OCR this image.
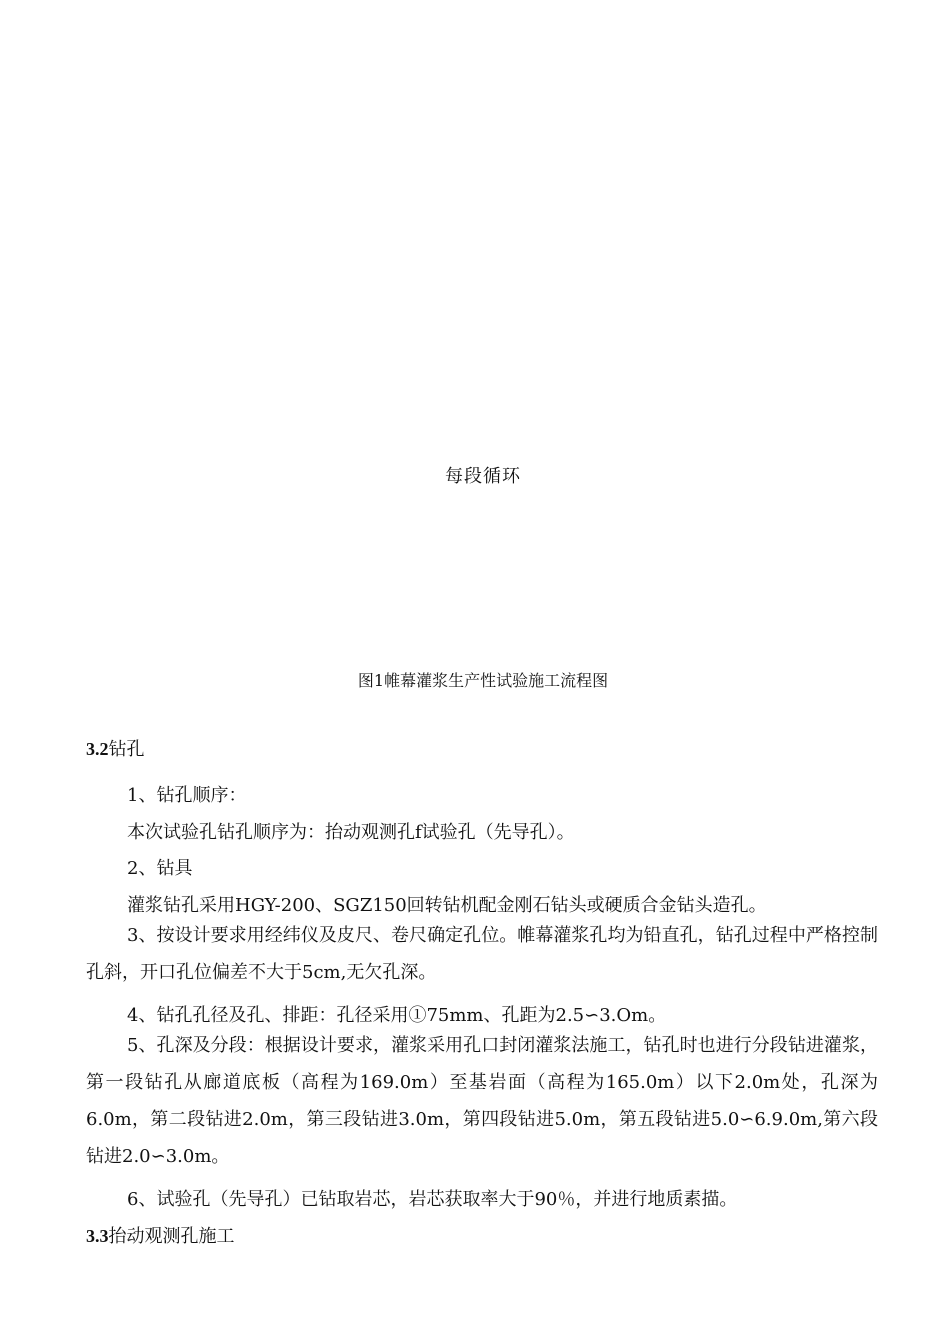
每段循环
图1帷幕灌浆生产性试验施工流程图
3.2钻孔
1、钻孔顺序：
本次试验孔钻孔顺序为：抬动观测孔f试验孔（先导孔）。
2、钻具
灌浆钻孔采用HGY-200、SGZ150回转钻机配金刚石钻头或硬质合金钻头造孔。
3、按设计要求用经纬仪及皮尺、卷尺确定孔位。帷幕灌浆孔均为铅直孔，钻孔过程中严格控制孔斜，开口孔位偏差不大于5cm,无欠孔深。
4、钻孔孔径及孔、排距：孔径采用①75mm、孔距为2.5∽3.Om。
5、孔深及分段：根据设计要求，灌浆采用孔口封闭灌浆法施工，钻孔时也进行分段钻进灌浆，第一段钻孔从廊道底板（高程为169.0m）至基岩面（高程为165.0m）以下2.0m处，孔深为6.0m，第二段钻进2.0m，第三段钻进3.0m，第四段钻进5.0m，第五段钻进5.0∽6.9.0m,第六段钻进2.0∽3.0m。
6、试验孔（先导孔）已钻取岩芯，岩芯获取率大于90％，并进行地质素描。
3.3抬动观测孔施工
